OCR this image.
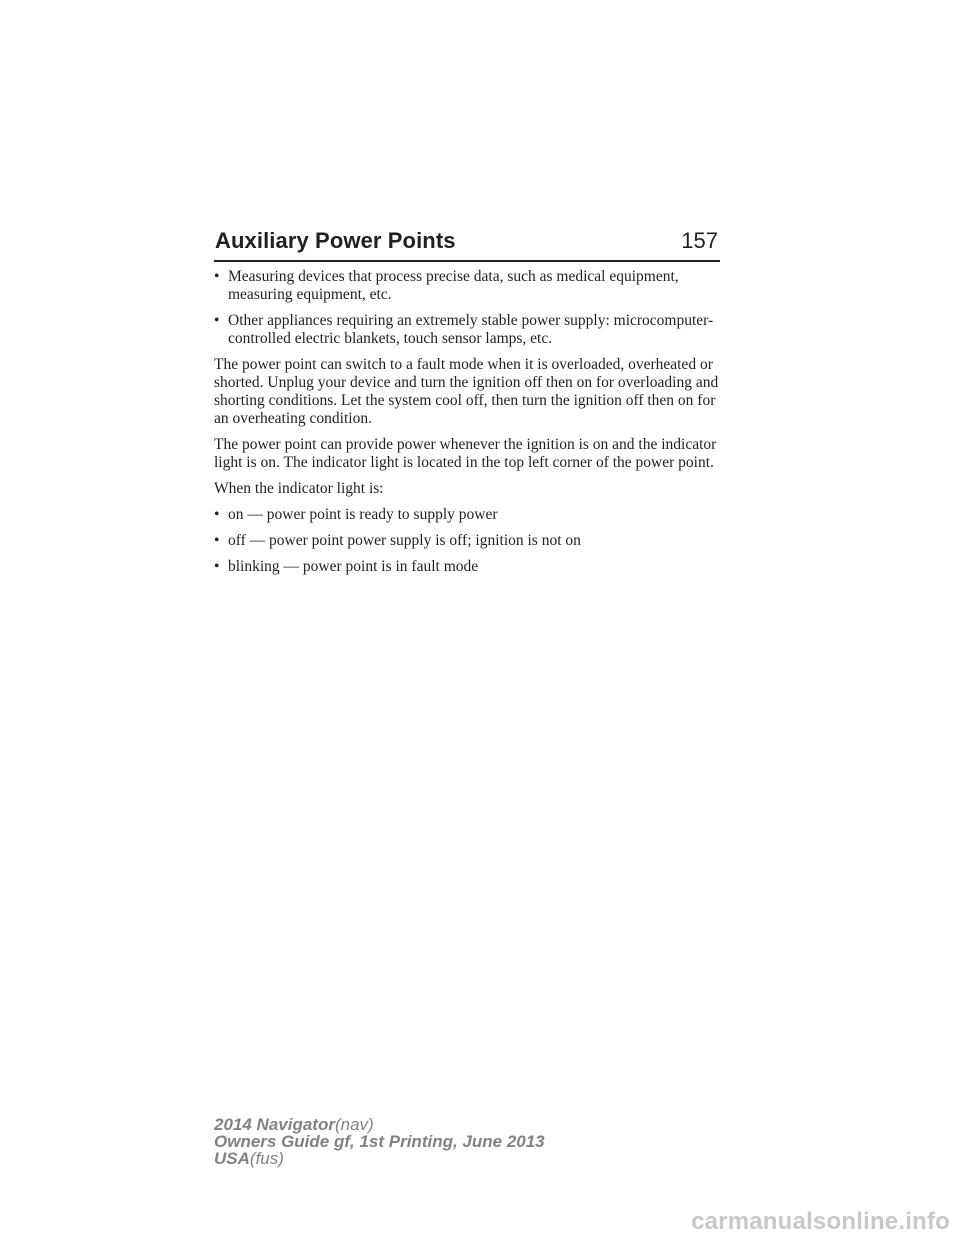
Auxiliary Power Points	157
• Measuring devices that process precise data, such as medical equipment, measuring equipment, etc.
• Other appliances requiring an extremely stable power supply: microcomputer-controlled electric blankets, touch sensor lamps, etc.

The power point can switch to a fault mode when it is overloaded, overheated or shorted. Unplug your device and turn the ignition off then on for overloading and shorting conditions. Let the system cool off, then turn the ignition off then on for an overheating condition.

The power point can provide power whenever the ignition is on and the indicator light is on. The indicator light is located in the top left corner of the power point.

When the indicator light is:

• on — power point is ready to supply power
• off — power point power supply is off; ignition is not on
• blinking — power point is in fault mode
2014 Navigator(nav)
Owners Guide gf, 1st Printing, June 2013
USA(fus)
carmanualsonline.info
